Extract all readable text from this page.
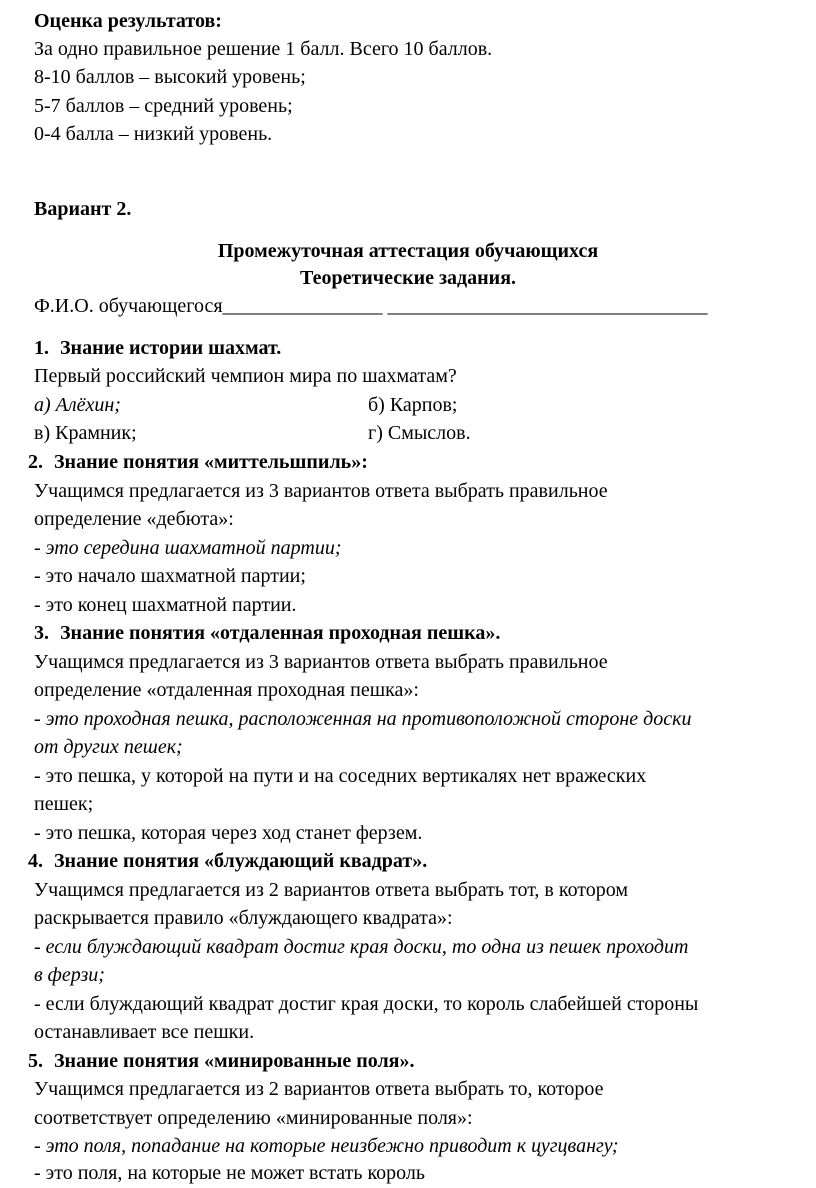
Оценка результатов:
За одно правильное решение 1 балл. Всего 10 баллов.
8-10 баллов – высокий уровень;
5-7 баллов – средний уровень;
0-4 балла – низкий уровень.
Вариант 2.
Промежуточная аттестация обучающихся
Теоретические задания.
Ф.И.О. обучающегося________________ ________________________________
1. Знание истории шахмат.
Первый российский чемпион мира по шахматам?
а) Алёхин;	б) Карпов;
в) Крамник;	г) Смыслов.
2. Знание понятия «миттельшпиль»:
Учащимся предлагается из 3 вариантов ответа выбрать правильное
определение «дебюта»:
- это середина шахматной партии;
- это начало шахматной партии;
- это конец шахматной партии.
3. Знание понятия «отдаленная проходная пешка».
Учащимся предлагается из 3 вариантов ответа выбрать правильное
определение «отдаленная проходная пешка»:
- это проходная пешка, расположенная на противоположной стороне доски
от других пешек;
- это пешка, у которой на пути и на соседних вертикалях нет вражеских
пешек;
- это пешка, которая через ход станет ферзем.
4. Знание понятия «блуждающий квадрат».
Учащимся предлагается из 2 вариантов ответа выбрать тот, в котором
раскрывается правило «блуждающего квадрата»:
- если блуждающий квадрат достиг края доски, то одна из пешек проходит
в ферзи;
- если блуждающий квадрат достиг края доски, то король слабейшей стороны
останавливает все пешки.
5. Знание понятия «минированные поля».
Учащимся предлагается из 2 вариантов ответа выбрать то, которое
соответствует определению «минированные поля»:
- это поля, попадание на которые неизбежно приводит к цугцвангу;
- это поля, на которые не может встать король
